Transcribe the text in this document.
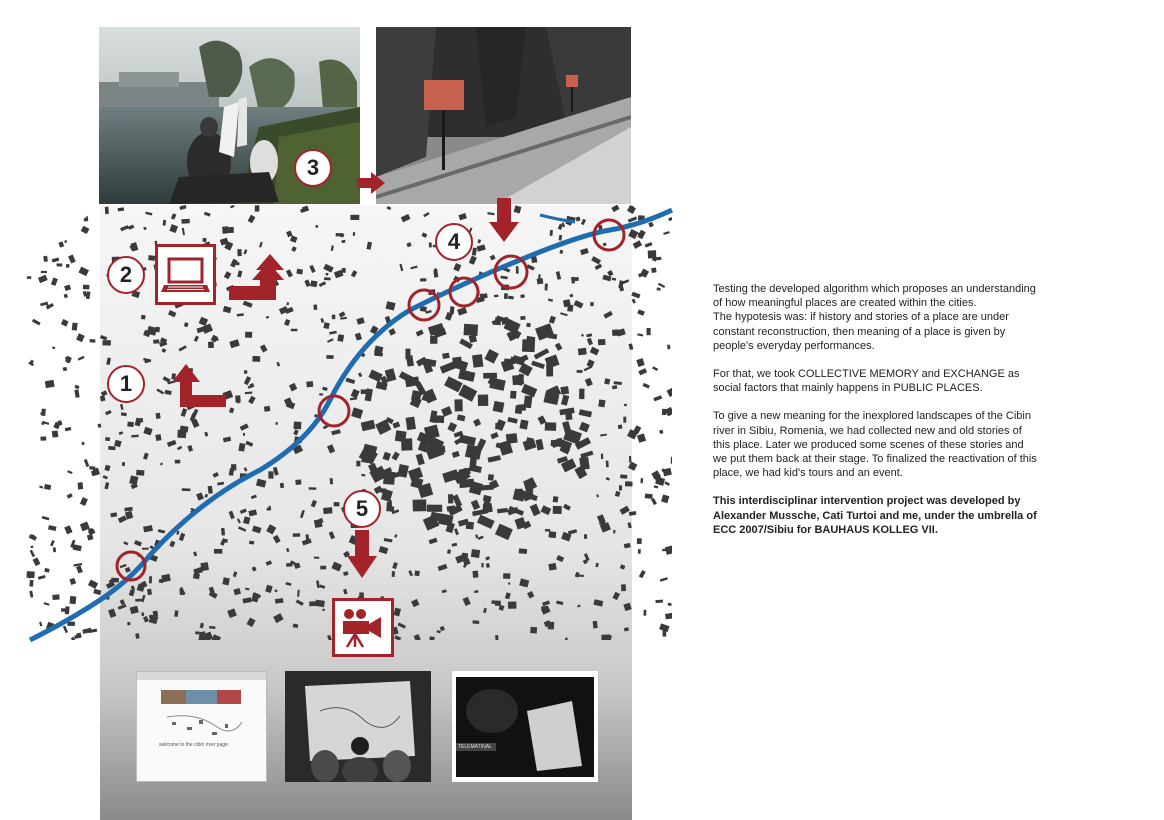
1
2
3
4
5
welcome to the cibin river page	TELEMATINAL

Testing the developed algorithm which proposes an understanding
of how meaningful places are created within the cities.
The hypotesis was: if history and stories of a place are under
constant reconstruction, then meaning of a place is given by
people's everyday performances.

For that, we took COLLECTIVE MEMORY and EXCHANGE as
social factors that mainly happens in PUBLIC PLACES.

To give a new meaning for the inexplored landscapes of the Cibin
river in Sibiu, Romenia, we had collected new and old stories of
this place. Later we produced some scenes of these stories and
we put them back at their stage. To finalized the reactivation of this
place, we had kid's tours and an event.

This interdisciplinar intervention project was developed by
Alexander Mussche, Cati Turtoi and me, under the umbrella of
ECC 2007/Sibiu for BAUHAUS KOLLEG VII.
